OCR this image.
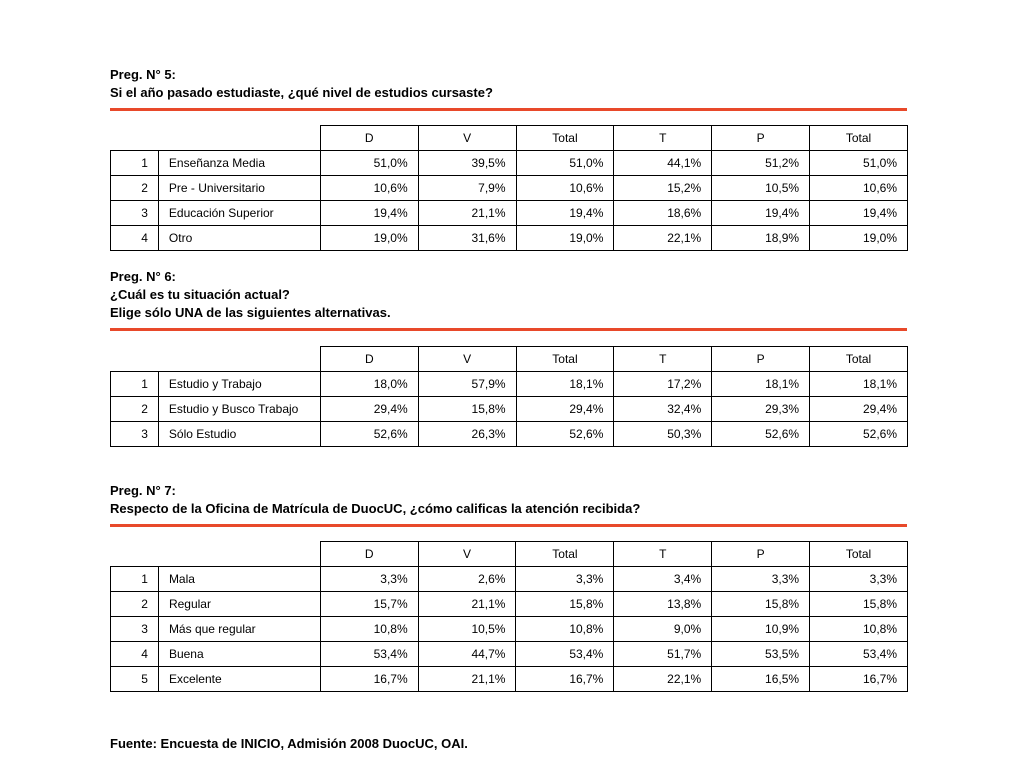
Preg. N° 5:

Si el año pasado estudiaste, ¿qué nivel de estudios cursaste?

		D	V	Total	T	P	Total
1	Enseñanza Media	51,0%	39,5%	51,0%	44,1%	51,2%	51,0%
2	Pre - Universitario	10,6%	7,9%	10,6%	15,2%	10,5%	10,6%
3	Educación Superior	19,4%	21,1%	19,4%	18,6%	19,4%	19,4%
4	Otro	19,0%	31,6%	19,0%	22,1%	18,9%	19,0%

Preg. N° 6:

¿Cuál es tu situación actual?

Elige sólo UNA de las siguientes alternativas.

		D	V	Total	T	P	Total
1	Estudio y Trabajo	18,0%	57,9%	18,1%	17,2%	18,1%	18,1%
2	Estudio y Busco Trabajo	29,4%	15,8%	29,4%	32,4%	29,3%	29,4%
3	Sólo Estudio	52,6%	26,3%	52,6%	50,3%	52,6%	52,6%

Preg. N° 7:

Respecto de la Oficina de Matrícula de DuocUC, ¿cómo calificas la atención recibida?

		D	V	Total	T	P	Total
1	Mala	3,3%	2,6%	3,3%	3,4%	3,3%	3,3%
2	Regular	15,7%	21,1%	15,8%	13,8%	15,8%	15,8%
3	Más que regular	10,8%	10,5%	10,8%	9,0%	10,9%	10,8%
4	Buena	53,4%	44,7%	53,4%	51,7%	53,5%	53,4%
5	Excelente	16,7%	21,1%	16,7%	22,1%	16,5%	16,7%
Fuente: Encuesta de INICIO, Admisión 2008 DuocUC, OAI.
